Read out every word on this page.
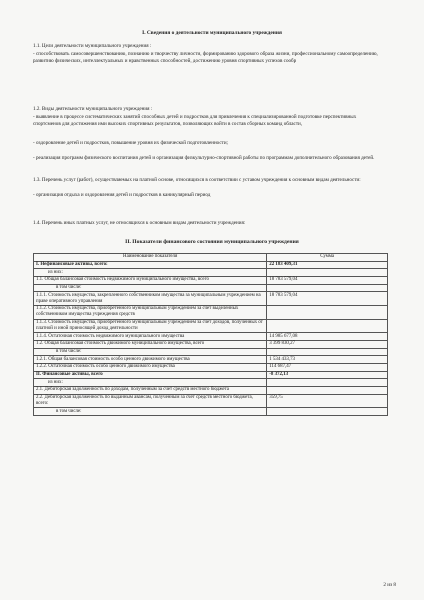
I. Сведения о деятельности муниципального учреждения
1.1. Цели деятельности муниципального учреждения :
- способствовать самосовершенствованию, познанию и творчеству личности, формированию здорового образа жизни, профессиональному самоопределению, развитию физических, интеллектуальных и нравственных способностей, достижению уровня спортивных успехов сообр
1.2. Виды деятельности муниципального учреждения :
- выявление в процессе систематических занятий способных детей и подростков для привлечения к специализированной подготовке перспективных спортсменов для достижения ими высоких спортивных результатов, позволяющих войти в состав сборных команд области,
- оздоровление детей и подростков, повышение уровня их физической подготовленности;
- реализация программ физического воспитания детей и организация физкультурно-спортивной работы по программам дополнительного образования детей.
1.3. Перечень услуг (работ), осуществляемых на платной основе, относящихся в соответствии с уставом учреждения к основным видам деятельности:
- организация отдыха и оздоровления детей и подростков в каникулярный период
1.4. Перечень иных платных услуг, не относящихся к основным видам деятельности учреждения:
II. Показатели финансового состояния муниципального учреждения
Наименование показателя	Сумма
I. Нефинансовые активы, всего:	22 183 409,31
из них:	
1.1. Общая балансовая стоимость недвижимого муниципального имущества, всего	18 783 579,04
в том числе:	
1.1.1. Стоимость имущества, закрепленного собственником имущества за муниципальным учреждением на праве оперативного управления	18 783 579,04
1.1.2. Стоимость имущества, приобретенного муниципальным учреждением за счет выделенных собственником имущества учреждения средств	
1.1.3. Стоимость имущества, приобретенного муниципальным учреждением за счет доходов, полученных от платной и иной приносящей доход деятельности	
1.1.4. Остаточная стоимость недвижимого муниципального имущества	14 985 677,08
1.2. Общая балансовая стоимость движимого муниципального имущества, всего	3 399 830,27
в том числе:	
1.2.1. Общая балансовая стоимость особо ценного движимого имущества	1 534 433,73
1.2.2. Остаточная стоимость особо ценного движимого имущества	114 687,47
II. Финансовые активы, всего	-8 372,13
из них:	
2.1. Дебиторская задолженность по доходам, полученным за счет средств местного бюджета	
2.2. Дебиторская задолженность по выданным авансам, полученным за счет средств местного бюджета, всего:	359,75
в том числе:	
2 из 8
